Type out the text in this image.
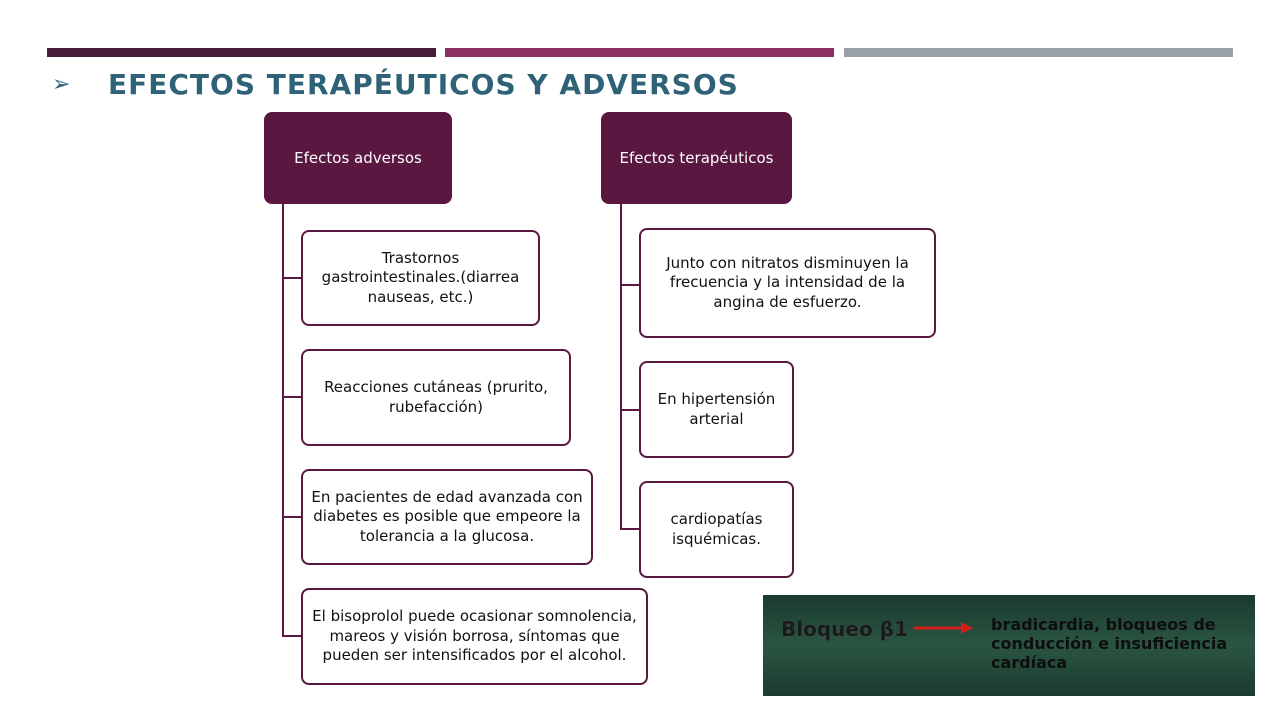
➢	EFECTOS TERAPÉUTICOS Y ADVERSOS
Efectos adversos
Trastornos gastrointestinales.(diarrea nauseas, etc.)
Reacciones cutáneas (prurito, rubefacción)
En pacientes de edad avanzada con diabetes es posible que empeore la tolerancia a la glucosa.
El bisoprolol puede ocasionar somnolencia, mareos y visión borrosa, síntomas que pueden ser intensificados por el alcohol.
Efectos terapéuticos
Junto con nitratos disminuyen la frecuencia y la intensidad de la angina de esfuerzo.
En hipertensión arterial
cardiopatías isquémicas.
Bloqueo β1	bradicardia, bloqueos de conducción e insuficiencia cardíaca
